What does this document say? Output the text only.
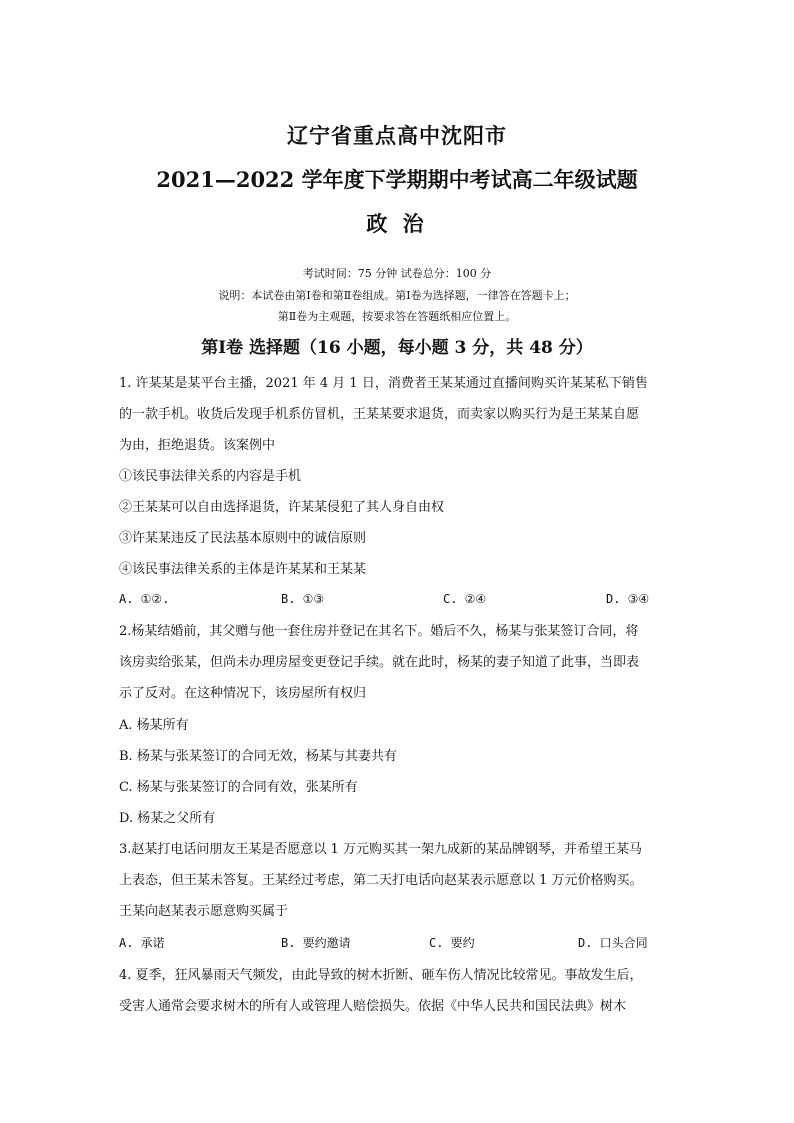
辽宁省重点高中沈阳市
2021—2022 学年度下学期期中考试高二年级试题
政 治
考试时间：75 分钟 试卷总分：100 分
说明：本试卷由第Ⅰ卷和第Ⅱ卷组成。第Ⅰ卷为选择题，一律答在答题卡上；
第Ⅱ卷为主观题，按要求答在答题纸相应位置上。
第Ⅰ卷 选择题（16 小题，每小题 3 分，共 48 分）
1. 许某某是某平台主播，2021 年 4 月 1 日，消费者王某某通过直播间购买许某某私下销售
的一款手机。收货后发现手机系仿冒机，王某某要求退货，而卖家以购买行为是王某某自愿
为由，拒绝退货。该案例中
①该民事法律关系的内容是手机
②王某某可以自由选择退货，许某某侵犯了其人身自由权
③许某某违反了民法基本原则中的诚信原则
④该民事法律关系的主体是许某某和王某某
A. ①②.	B. ①③	C. ②④	D. ③④
2.杨某结婚前，其父赠与他一套住房并登记在其名下。婚后不久，杨某与张某签订合同，将
该房卖给张某，但尚未办理房屋变更登记手续。就在此时，杨某的妻子知道了此事，当即表
示了反对。在这种情况下，该房屋所有权归
A. 杨某所有
B. 杨某与张某签订的合同无效，杨某与其妻共有
C. 杨某与张某签订的合同有效，张某所有
D. 杨某之父所有
3.赵某打电话问朋友王某是否愿意以 1 万元购买其一架九成新的某品牌钢琴，并希望王某马
上表态，但王某未答复。王某经过考虑，第二天打电话向赵某表示愿意以 1 万元价格购买。
王某向赵某表示愿意购买属于
A. 承诺	B. 要约邀请	C. 要约	D. 口头合同
4. 夏季，狂风暴雨天气频发，由此导致的树木折断、砸车伤人情况比较常见。事故发生后，
受害人通常会要求树木的所有人或管理人赔偿损失。依据《中华人民共和国民法典》树木
